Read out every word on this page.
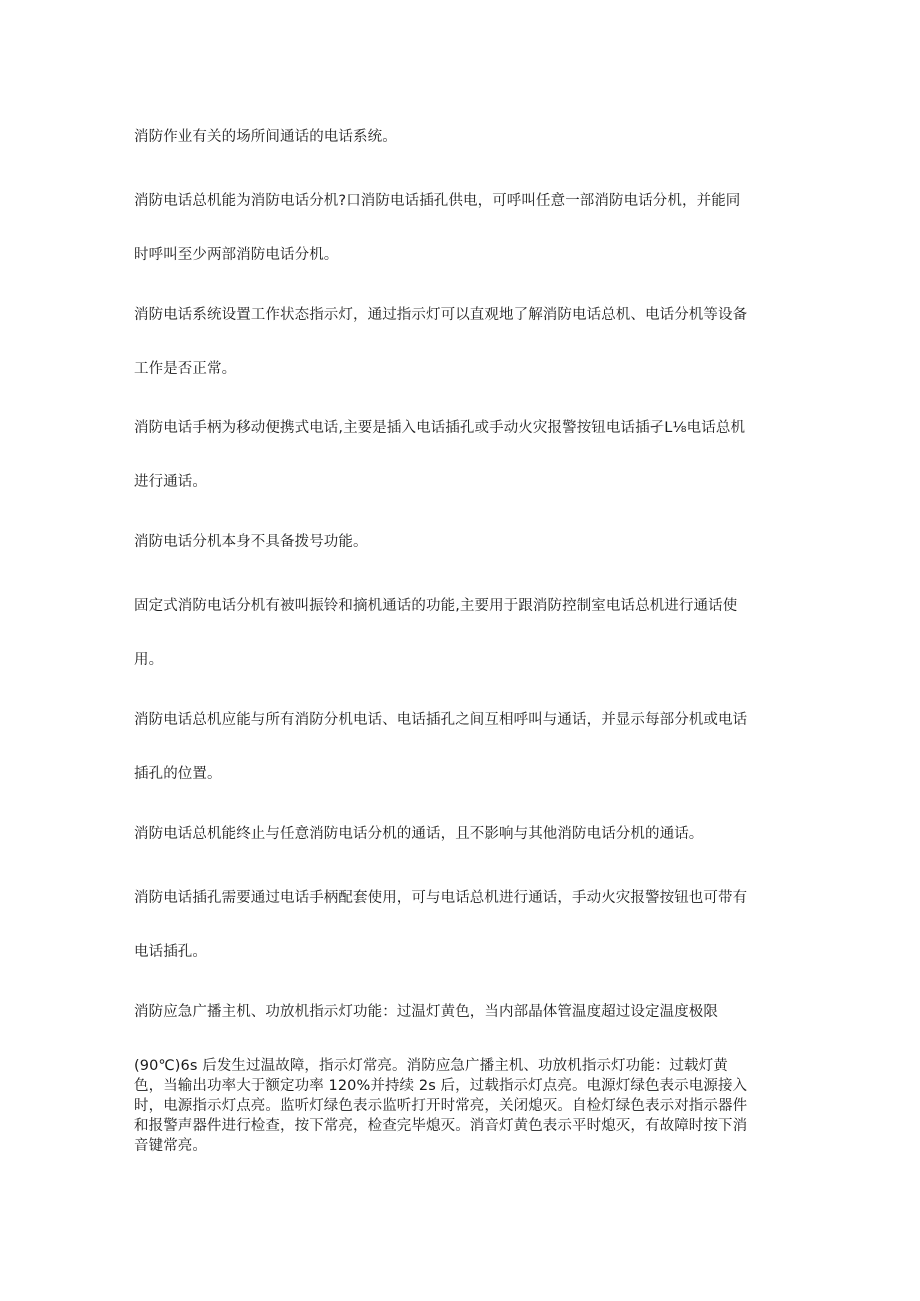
消防作业有关的场所间通话的电话系统。

消防电话总机能为消防电话分机?口消防电话插孔供电，可呼叫任意一部消防电话分机，并能同
时呼叫至少两部消防电话分机。

消防电话系统设置工作状态指示灯，通过指示灯可以直观地了解消防电话总机、电话分机等设备
工作是否正常。

消防电话手柄为移动便携式电话,主要是插入电话插孔或手动火灾报警按钮电话插孑L⅛电话总机
进行通话。

消防电话分机本身不具备拨号功能。

固定式消防电话分机有被叫振铃和摘机通话的功能,主要用于跟消防控制室电话总机进行通话使
用。

消防电话总机应能与所有消防分机电话、电话插孔之间互相呼叫与通话，并显示每部分机或电话
插孔的位置。

消防电话总机能终止与任意消防电话分机的通话，且不影响与其他消防电话分机的通话。

消防电话插孔需要通过电话手柄配套使用，可与电话总机进行通话，手动火灾报警按钮也可带有
电话插孔。

消防应急广播主机、功放机指示灯功能：过温灯黄色，当内部晶体管温度超过设定温度极限

(90℃)6s 后发生过温故障，指示灯常亮。消防应急广播主机、功放机指示灯功能：过载灯黄
色，当输出功率大于额定功率 120%并持续 2s 后，过载指示灯点亮。电源灯绿色表示电源接入
时，电源指示灯点亮。监听灯绿色表示监听打开时常亮，关闭熄灭。自检灯绿色表示对指示器件
和报警声器件进行检查，按下常亮，检查完毕熄灭。消音灯黄色表示平时熄灭，有故障时按下消
音键常亮。
